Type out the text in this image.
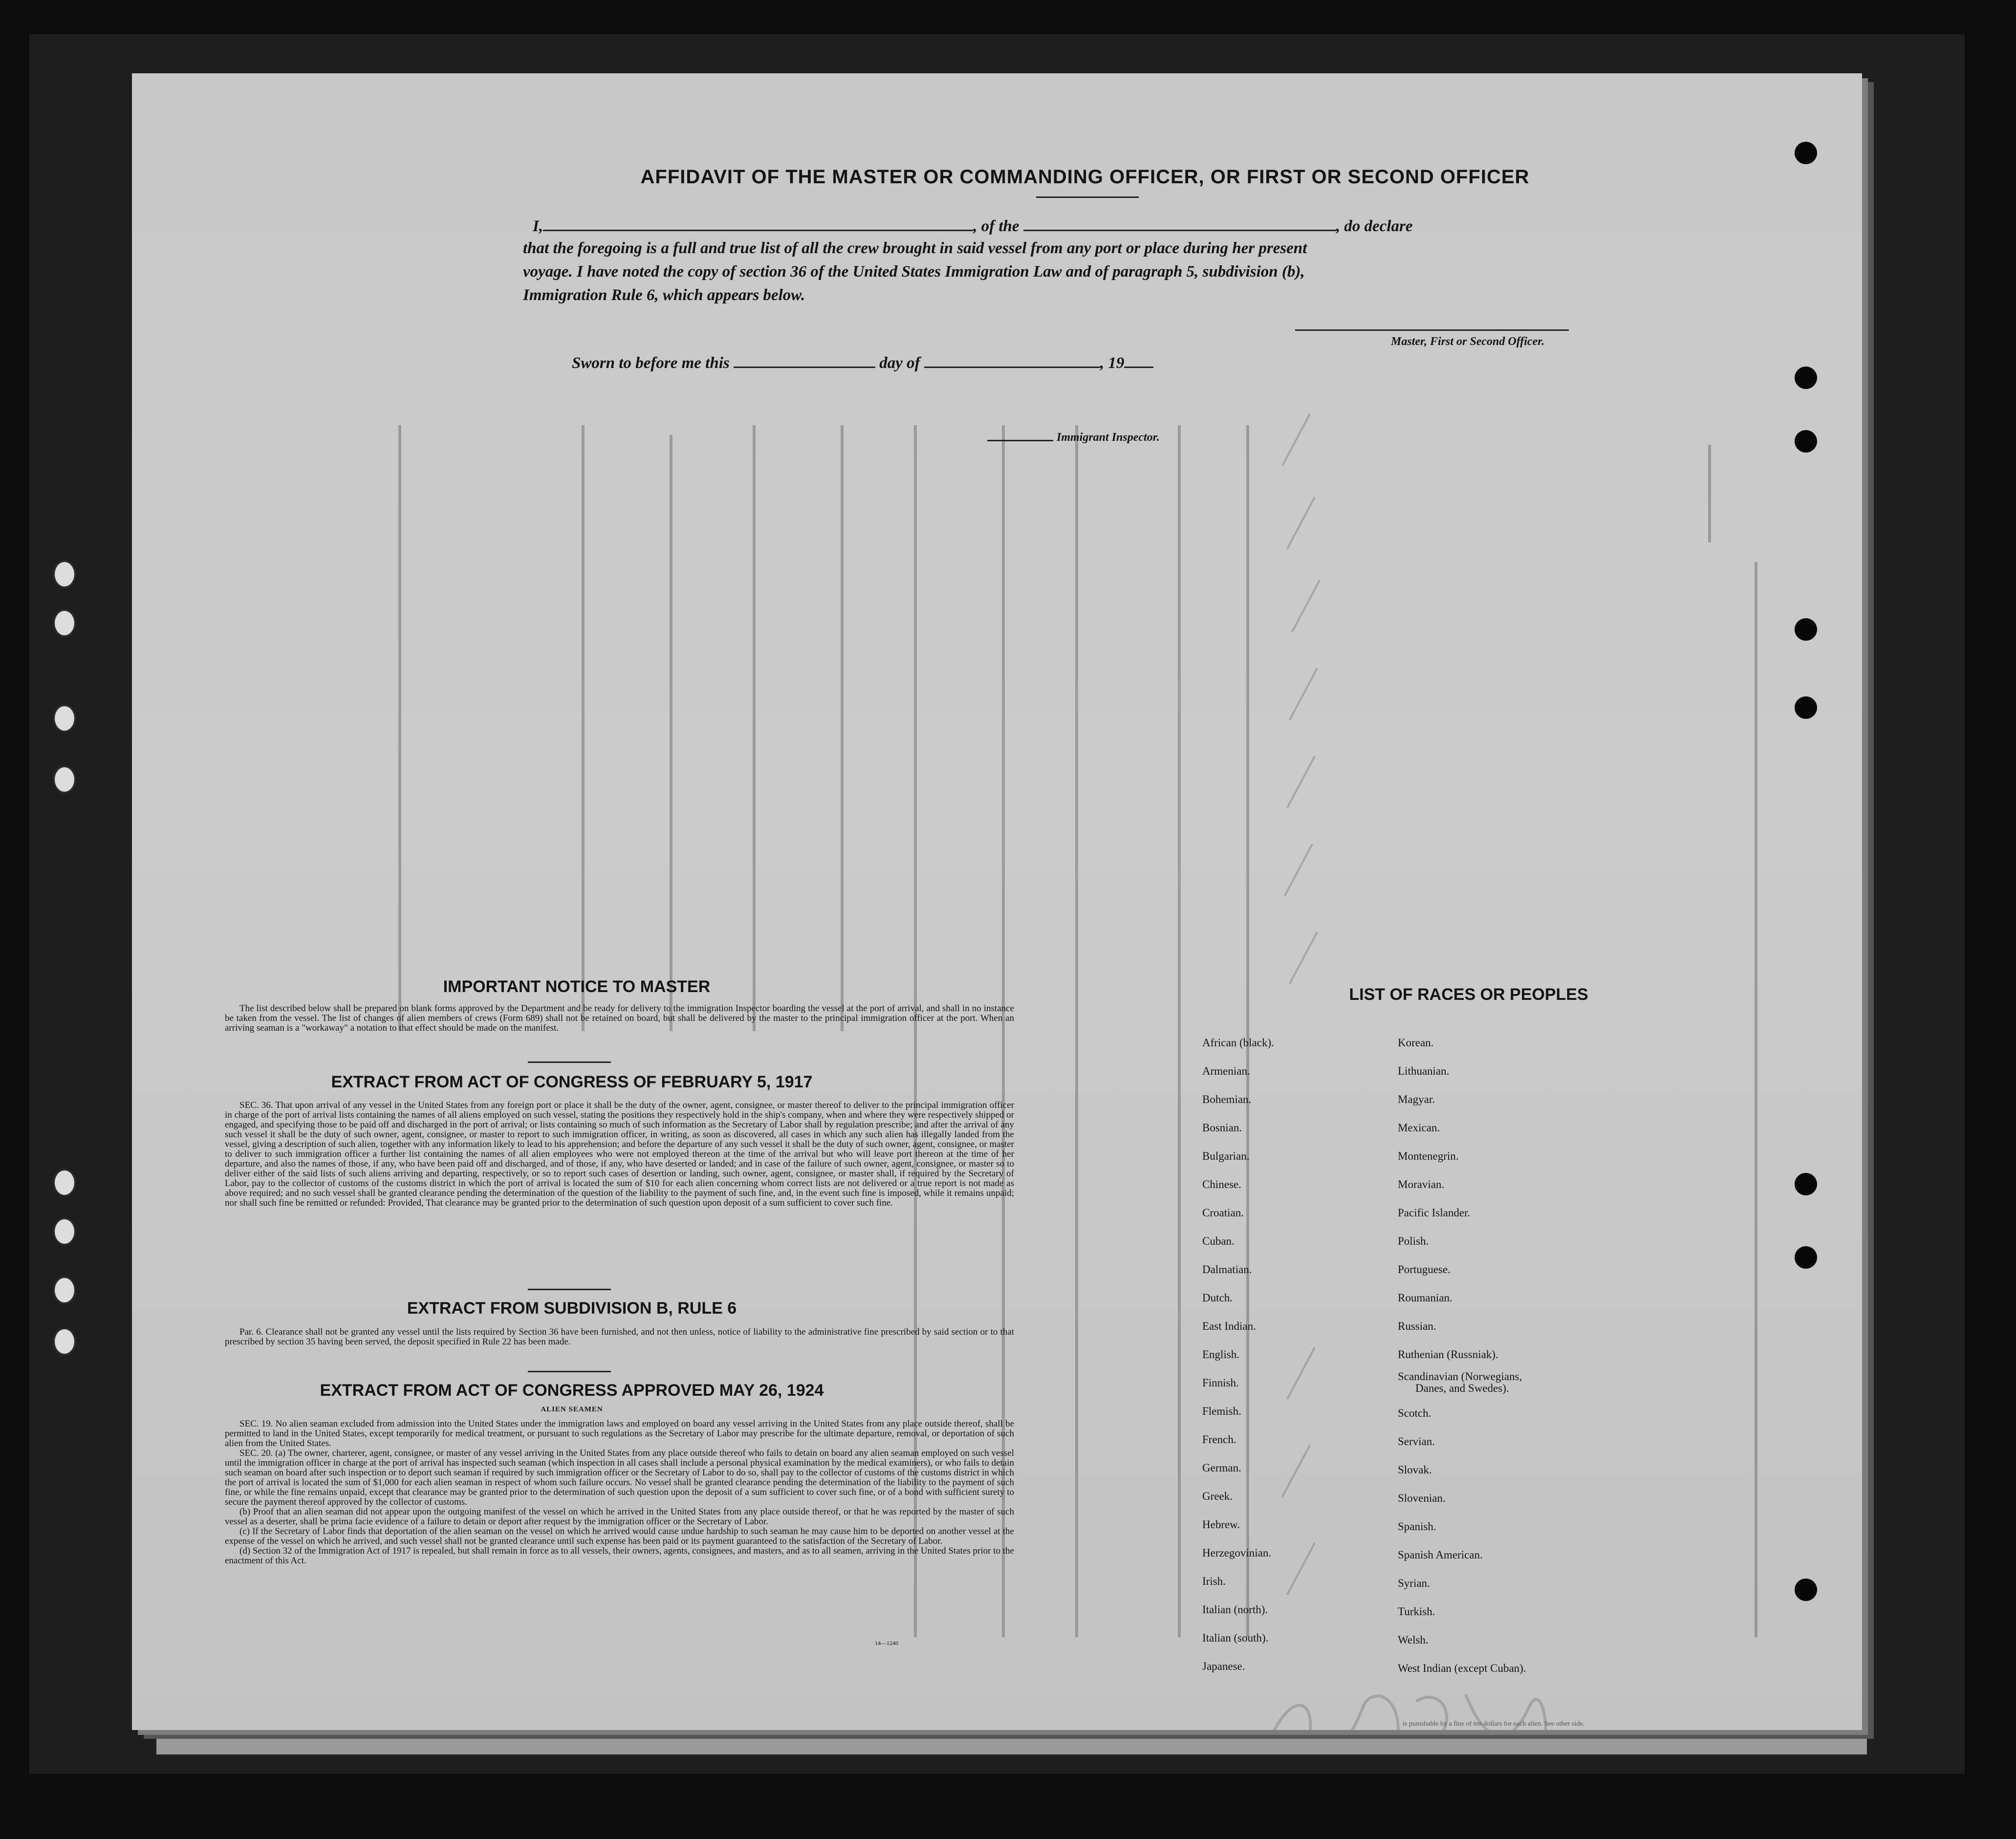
AFFIDAVIT OF THE MASTER OR COMMANDING OFFICER, OR FIRST OR SECOND OFFICER
I,	, of the	, do declare
that the foregoing is a full and true list of all the crew brought in said vessel from any port or place during her present
voyage. I have noted the copy of section 36 of the United States Immigration Law and of paragraph 5, subdivision (b),
Immigration Rule 6, which appears below.
Master, First or Second Officer.
Sworn to before me this	day of	, 19
Immigrant Inspector.
IMPORTANT NOTICE TO MASTER

The list described below shall be prepared on blank forms approved by the Department and be ready for delivery to the immigration Inspector boarding the vessel at the port of arrival, and shall in no instance be taken from the vessel. The list of changes of alien members of crews (Form 689) shall not be retained on board, but shall be delivered by the master to the principal immigration officer at the port. When an arriving seaman is a "workaway" a notation to that effect should be made on the manifest.

EXTRACT FROM ACT OF CONGRESS OF FEBRUARY 5, 1917

SEC. 36. That upon arrival of any vessel in the United States from any foreign port or place it shall be the duty of the owner, agent, consignee, or master thereof to deliver to the principal immigration officer in charge of the port of arrival lists containing the names of all aliens employed on such vessel, stating the positions they respectively hold in the ship's company, when and where they were respectively shipped or engaged, and specifying those to be paid off and discharged in the port of arrival; or lists containing so much of such information as the Secretary of Labor shall by regulation prescribe; and after the arrival of any such vessel it shall be the duty of such owner, agent, consignee, or master to report to such immigration officer, in writing, as soon as discovered, all cases in which any such alien has illegally landed from the vessel, giving a description of such alien, together with any information likely to lead to his apprehension; and before the departure of any such vessel it shall be the duty of such owner, agent, consignee, or master to deliver to such immigration officer a further list containing the names of all alien employees who were not employed thereon at the time of the arrival but who will leave port thereon at the time of her departure, and also the names of those, if any, who have been paid off and discharged, and of those, if any, who have deserted or landed; and in case of the failure of such owner, agent, consignee, or master so to deliver either of the said lists of such aliens arriving and departing, respectively, or so to report such cases of desertion or landing, such owner, agent, consignee, or master shall, if required by the Secretary of Labor, pay to the collector of customs of the customs district in which the port of arrival is located the sum of $10 for each alien concerning whom correct lists are not delivered or a true report is not made as above required; and no such vessel shall be granted clearance pending the determination of the question of the liability to the payment of such fine, and, in the event such fine is imposed, while it remains unpaid; nor shall such fine be remitted or refunded: Provided, That clearance may be granted prior to the determination of such question upon deposit of a sum sufficient to cover such fine.

EXTRACT FROM SUBDIVISION B, RULE 6

Par. 6. Clearance shall not be granted any vessel until the lists required by Section 36 have been furnished, and not then unless, notice of liability to the administrative fine prescribed by said section or to that prescribed by section 35 having been served, the deposit specified in Rule 22 has been made.

EXTRACT FROM ACT OF CONGRESS APPROVED MAY 26, 1924
ALIEN SEAMEN

SEC. 19. No alien seaman excluded from admission into the United States under the immigration laws and employed on board any vessel arriving in the United States from any place outside thereof, shall be permitted to land in the United States, except temporarily for medical treatment, or pursuant to such regulations as the Secretary of Labor may prescribe for the ultimate departure, removal, or deportation of such alien from the United States.

SEC. 20. (a) The owner, charterer, agent, consignee, or master of any vessel arriving in the United States from any place outside thereof who fails to detain on board any alien seaman employed on such vessel until the immigration officer in charge at the port of arrival has inspected such seaman (which inspection in all cases shall include a personal physical examination by the medical examiners), or who fails to detain such seaman on board after such inspection or to deport such seaman if required by such immigration officer or the Secretary of Labor to do so, shall pay to the collector of customs of the customs district in which the port of arrival is located the sum of $1,000 for each alien seaman in respect of whom such failure occurs. No vessel shall be granted clearance pending the determination of the liability to the payment of such fine, or while the fine remains unpaid, except that clearance may be granted prior to the determination of such question upon the deposit of a sum sufficient to cover such fine, or of a bond with sufficient surety to secure the payment thereof approved by the collector of customs.

(b) Proof that an alien seaman did not appear upon the outgoing manifest of the vessel on which he arrived in the United States from any place outside thereof, or that he was reported by the master of such vessel as a deserter, shall be prima facie evidence of a failure to detain or deport after request by the immigration officer or the Secretary of Labor.

(c) If the Secretary of Labor finds that deportation of the alien seaman on the vessel on which he arrived would cause undue hardship to such seaman he may cause him to be deported on another vessel at the expense of the vessel on which he arrived, and such vessel shall not be granted clearance until such expense has been paid or its payment guaranteed to the satisfaction of the Secretary of Labor.

(d) Section 32 of the Immigration Act of 1917 is repealed, but shall remain in force as to all vessels, their owners, agents, consignees, and masters, and as to all seamen, arriving in the United States prior to the enactment of this Act.

14—1240
LIST OF RACES OR PEOPLES
African (black).
Armenian.
Bohemian.
Bosnian.
Bulgarian.
Chinese.
Croatian.
Cuban.
Dalmatian.
Dutch.
East Indian.
English.
Finnish.
Flemish.
French.
German.
Greek.
Hebrew.
Herzegovinian.
Irish.
Italian (north).
Italian (south).
Japanese.
Korean.
Lithuanian.
Magyar.
Mexican.
Montenegrin.
Moravian.
Pacific Islander.
Polish.
Portuguese.
Roumanian.
Russian.
Ruthenian (Russniak).
Scandinavian (Norwegians,
Danes, and Swedes).
Scotch.
Servian.
Slovak.
Slovenian.
Spanish.
Spanish American.
Syrian.
Turkish.
Welsh.
West Indian (except Cuban).
is punishable by a fine of ten dollars for each alien. See other side.
